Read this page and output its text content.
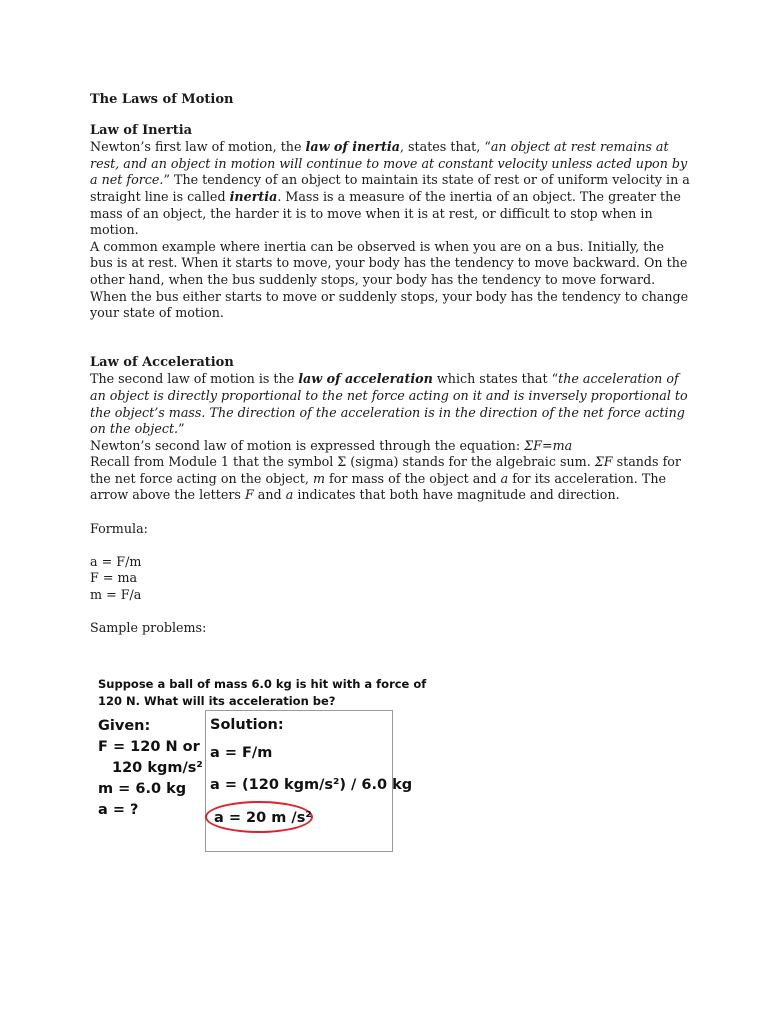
The Laws of Motion
Law of Inertia

Newton’s first law of motion, the law of inertia, states that, “an object at rest remains at rest, and an object in motion will continue to move at constant velocity unless acted upon by a net force.” The tendency of an object to maintain its state of rest or of uniform velocity in a straight line is called inertia. Mass is a measure of the inertia of an object. The greater the mass of an object, the harder it is to move when it is at rest, or difficult to stop when in motion.

A common example where inertia can be observed is when you are on a bus. Initially, the bus is at rest. When it starts to move, your body has the tendency to move backward. On the other hand, when the bus suddenly stops, your body has the tendency to move forward. When the bus either starts to move or suddenly stops, your body has the tendency to change your state of motion.

Law of Acceleration

The second law of motion is the law of acceleration which states that “the acceleration of an object is directly proportional to the net force acting on it and is inversely proportional to the object’s mass. The direction of the acceleration is in the direction of the net force acting on the object.”

Newton’s second law of motion is expressed through the equation: ΣF=ma

Recall from Module 1 that the symbol Σ (sigma) stands for the algebraic sum. ΣF stands for the net force acting on the object, m for mass of the object and a for its acceleration. The arrow above the letters F and a indicates that both have magnitude and direction.

Formula:

a = F/m

F = ma

m = F/a

Sample problems:

Suppose a ball of mass 6.0 kg is hit with a force of 120 N. What will its acceleration be?
Given:
F = 120 N or
120 kgm/s²
m = 6.0 kg
a = ?
Solution:
a = F/m
a = (120 kgm/s²) / 6.0 kg
a = 20 m /s²
